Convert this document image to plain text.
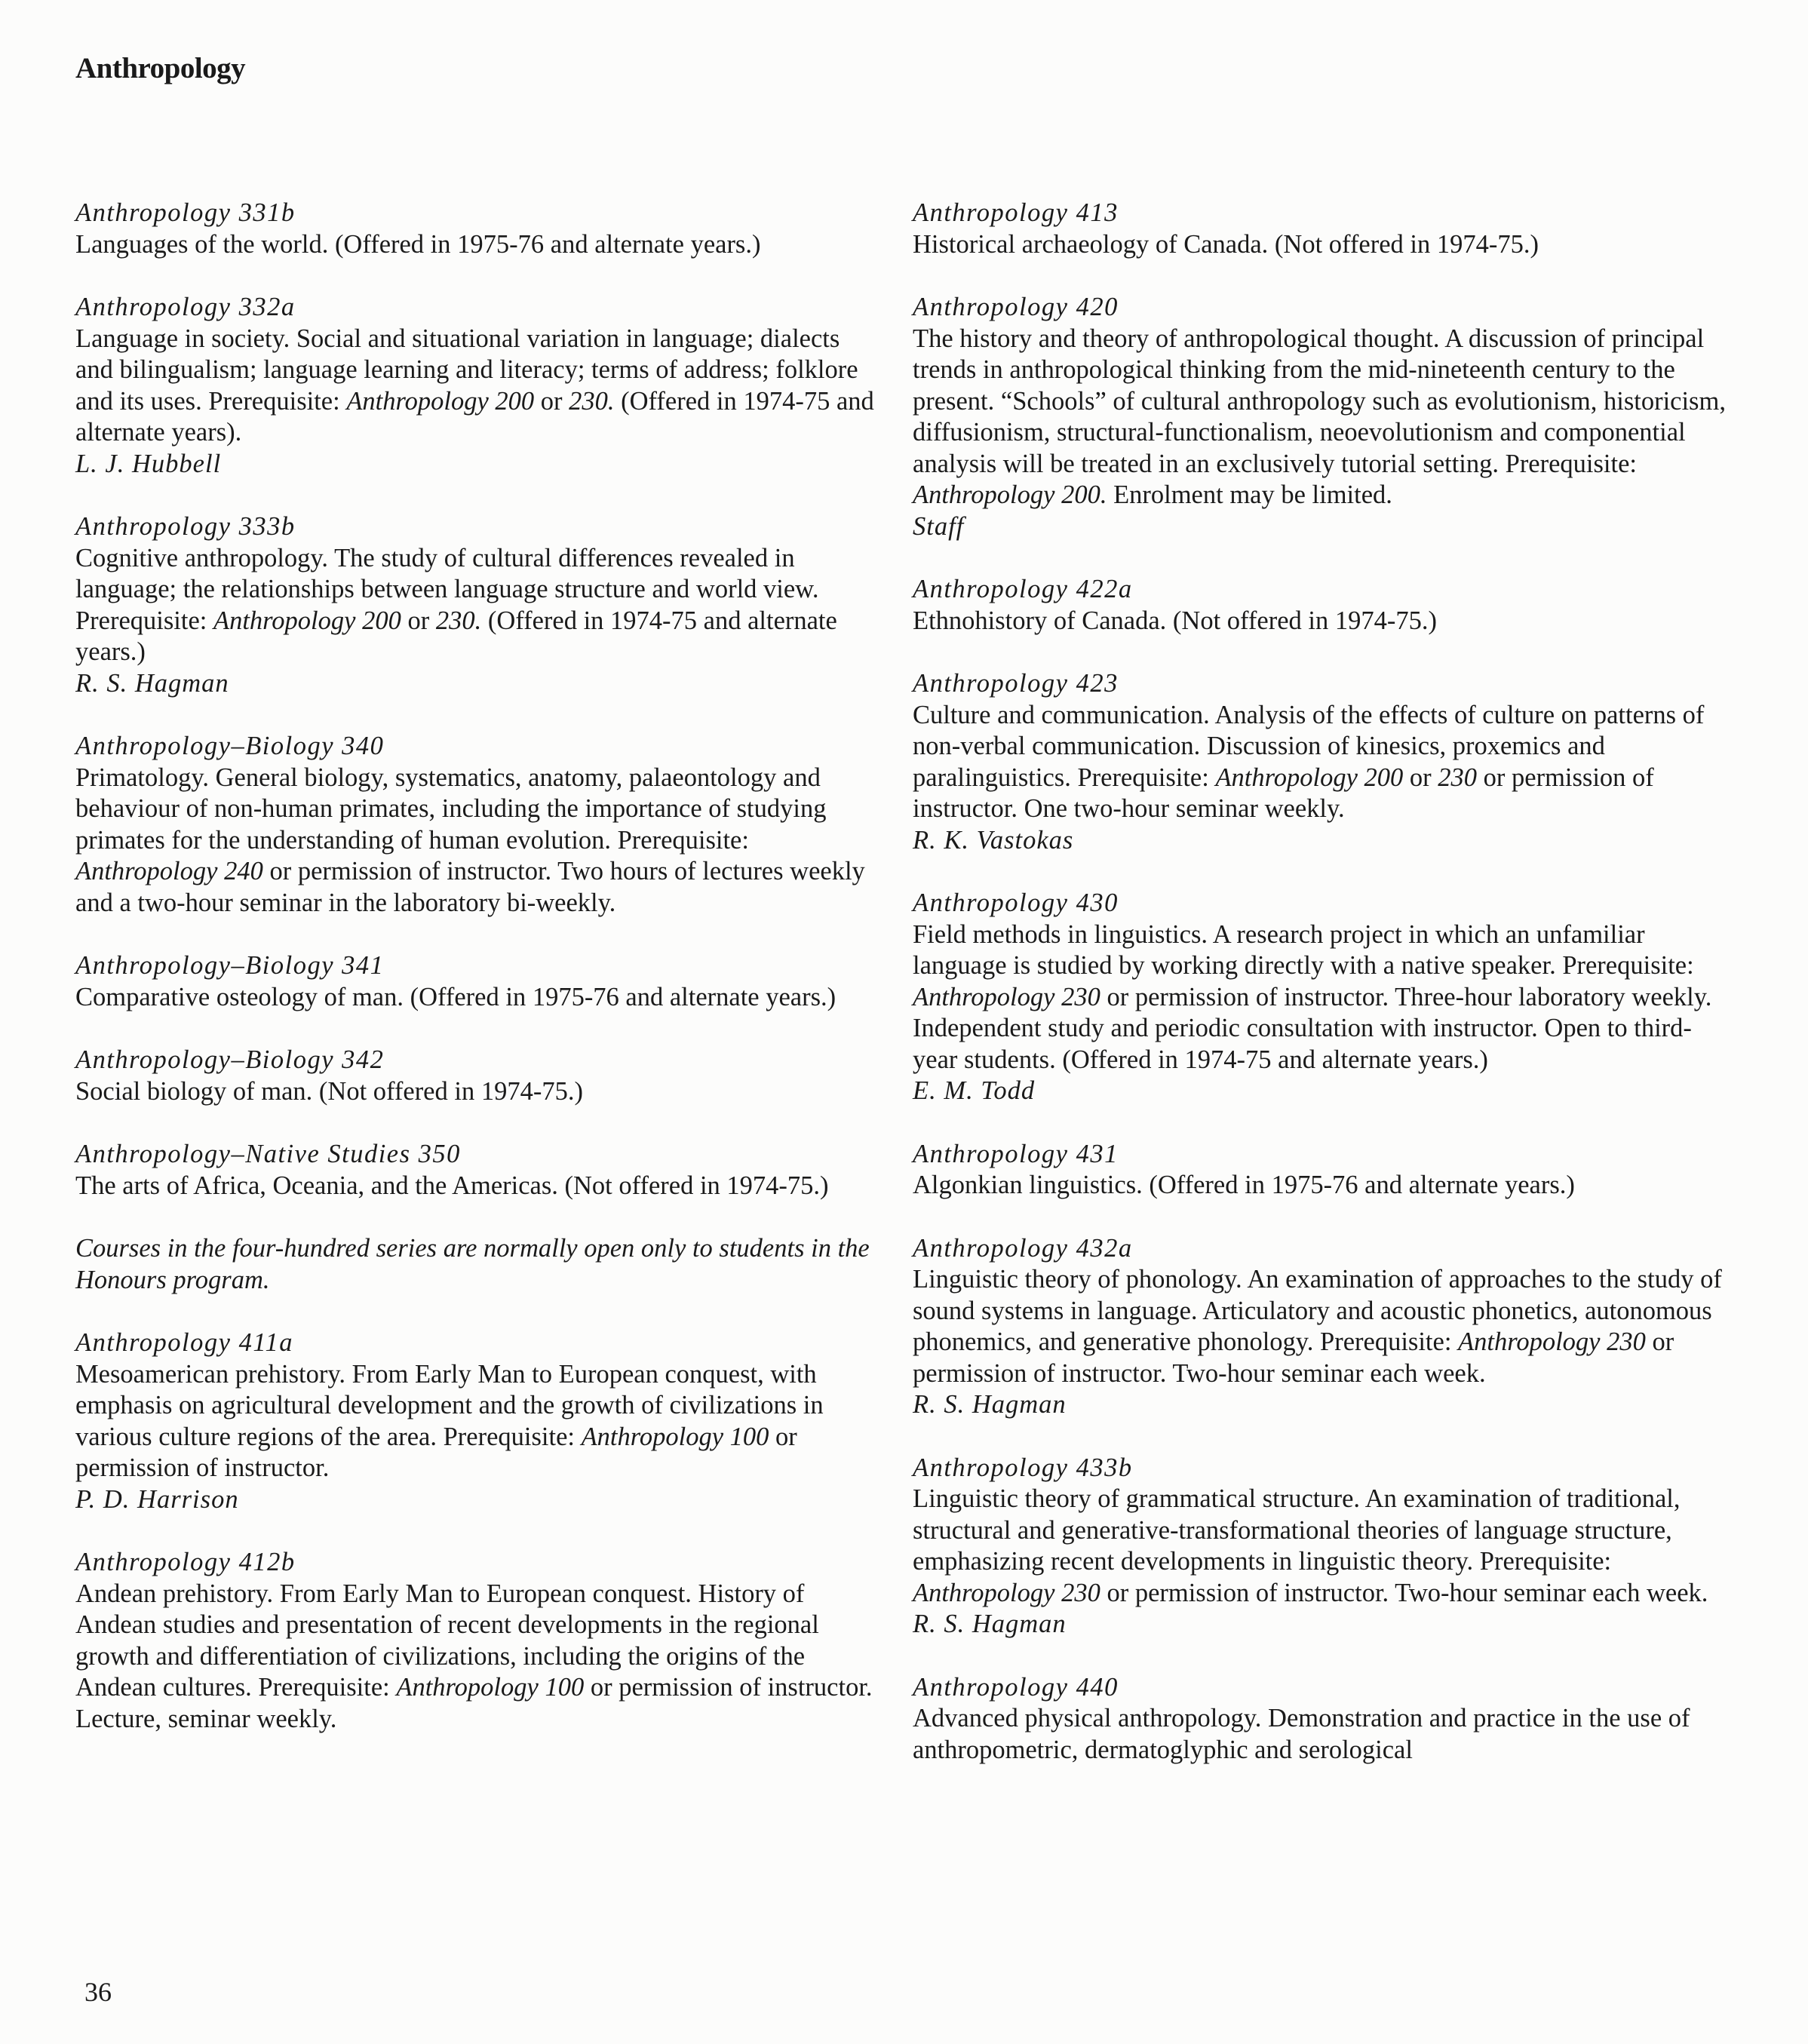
Anthropology
Anthropology 331b
Languages of the world. (Offered in 1975-76 and alternate years.)
Anthropology 332a
Language in society. Social and situational variation in language; dialects and bilingualism; language learning and literacy; terms of address; folklore and its uses. Prerequisite: Anthropology 200 or 230. (Offered in 1974-75 and alternate years).
L. J. Hubbell
Anthropology 333b
Cognitive anthropology. The study of cultural differences revealed in language; the relationships between language structure and world view. Prerequisite: Anthropology 200 or 230. (Offered in 1974-75 and alternate years.)
R. S. Hagman
Anthropology–Biology 340
Primatology. General biology, systematics, anatomy, palaeontology and behaviour of non-human primates, including the importance of studying primates for the understanding of human evolution. Prerequisite: Anthropology 240 or permission of instructor. Two hours of lectures weekly and a two-hour seminar in the laboratory bi-weekly.
Anthropology–Biology 341
Comparative osteology of man. (Offered in 1975-76 and alternate years.)
Anthropology–Biology 342
Social biology of man. (Not offered in 1974-75.)
Anthropology–Native Studies 350
The arts of Africa, Oceania, and the Americas. (Not offered in 1974-75.)
Courses in the four-hundred series are normally open only to students in the Honours program.
Anthropology 411a
Mesoamerican prehistory. From Early Man to European conquest, with emphasis on agricultural development and the growth of civilizations in various culture regions of the area. Prerequisite: Anthropology 100 or permission of instructor.
P. D. Harrison
Anthropology 412b
Andean prehistory. From Early Man to European conquest. History of Andean studies and presentation of recent developments in the regional growth and differentiation of civilizations, including the origins of the Andean cultures. Prerequisite: Anthropology 100 or permission of instructor. Lecture, seminar weekly.
Anthropology 413
Historical archaeology of Canada. (Not offered in 1974-75.)
Anthropology 420
The history and theory of anthropological thought. A discussion of principal trends in anthropological thinking from the mid-nineteenth century to the present. “Schools” of cultural anthropology such as evolutionism, historicism, diffusionism, structural-functionalism, neoevolutionism and componential analysis will be treated in an exclusively tutorial setting. Prerequisite: Anthropology 200. Enrolment may be limited.
Staff
Anthropology 422a
Ethnohistory of Canada. (Not offered in 1974-75.)
Anthropology 423
Culture and communication. Analysis of the effects of culture on patterns of non-verbal communication. Discussion of kinesics, proxemics and paralinguistics. Prerequisite: Anthropology 200 or 230 or permission of instructor. One two-hour seminar weekly.
R. K. Vastokas
Anthropology 430
Field methods in linguistics. A research project in which an unfamiliar language is studied by working directly with a native speaker. Prerequisite: Anthropology 230 or permission of instructor. Three-hour laboratory weekly. Independent study and periodic consultation with instructor. Open to third-year students. (Offered in 1974-75 and alternate years.)
E. M. Todd
Anthropology 431
Algonkian linguistics. (Offered in 1975-76 and alternate years.)
Anthropology 432a
Linguistic theory of phonology. An examination of approaches to the study of sound systems in language. Articulatory and acoustic phonetics, autonomous phonemics, and generative phonology. Prerequisite: Anthropology 230 or permission of instructor. Two-hour seminar each week.
R. S. Hagman
Anthropology 433b
Linguistic theory of grammatical structure. An examination of traditional, structural and generative-transformational theories of language structure, emphasizing recent developments in linguistic theory. Prerequisite: Anthropology 230 or permission of instructor. Two-hour seminar each week.
R. S. Hagman
Anthropology 440
Advanced physical anthropology. Demonstration and practice in the use of anthropometric, dermatoglyphic and serological

36
